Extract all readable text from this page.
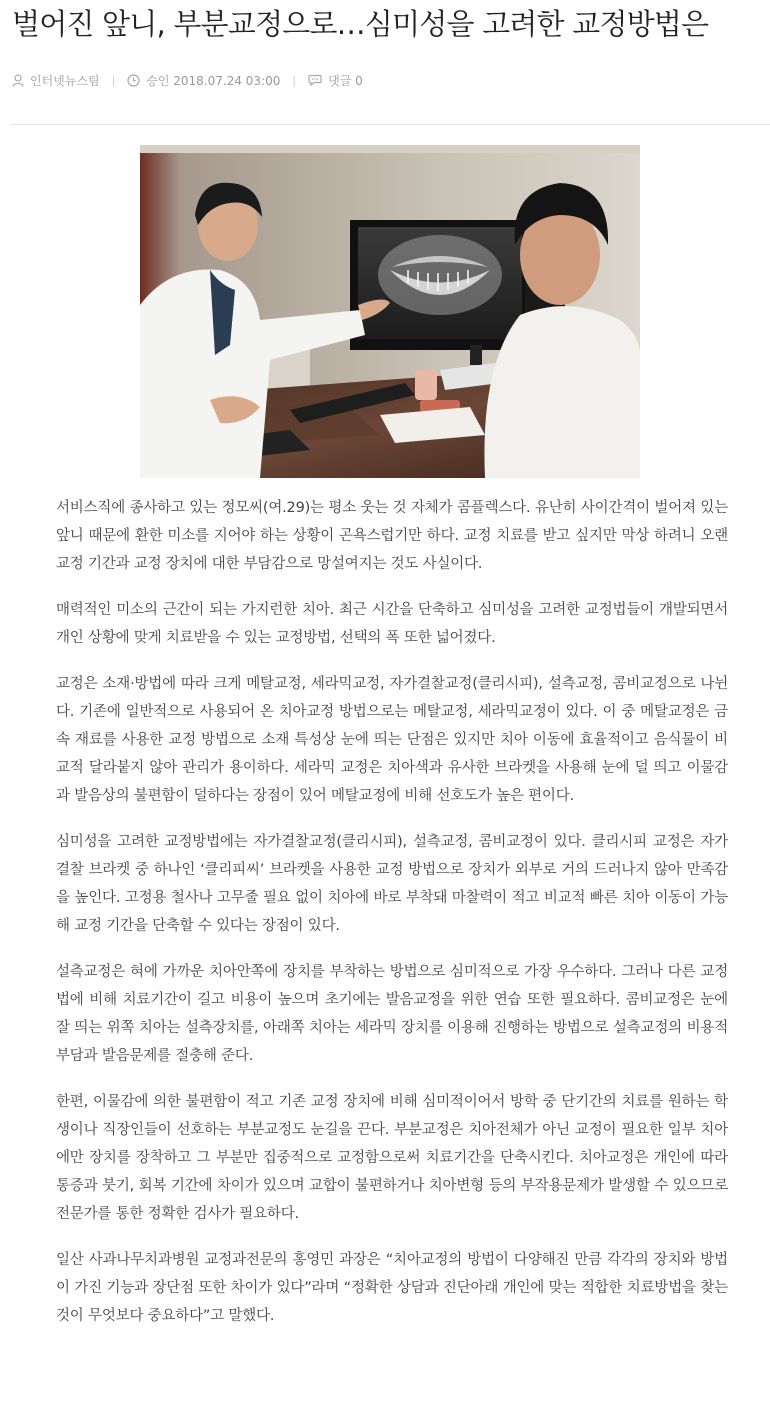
벌어진 앞니, 부분교정으로…심미성을 고려한 교정방법은
인터넷뉴스팀 |	승인 2018.07.24 03:00 |	댓글 0

서비스직에 종사하고 있는 정모씨(여.29)는 평소 웃는 것 자체가 콤플렉스다. 유난히 사이간격이 벌어져 있는 앞니 때문에 환한 미소를 지어야 하는 상황이 곤욕스럽기만 하다. 교정 치료를 받고 싶지만 막상 하려니 오랜 교정 기간과 교정 장치에 대한 부담감으로 망설여지는 것도 사실이다.

매력적인 미소의 근간이 되는 가지런한 치아. 최근 시간을 단축하고 심미성을 고려한 교정법들이 개발되면서 개인 상황에 맞게 치료받을 수 있는 교정방법, 선택의 폭 또한 넓어졌다.

교정은 소재·방법에 따라 크게 메탈교정, 세라믹교정, 자가결찰교정(클리시피), 설측교정, 콤비교정으로 나뉜다. 기존에 일반적으로 사용되어 온 치아교정 방법으로는 메탈교정, 세라믹교정이 있다. 이 중 메탈교정은 금속 재료를 사용한 교정 방법으로 소재 특성상 눈에 띄는 단점은 있지만 치아 이동에 효율적이고 음식물이 비교적 달라붙지 않아 관리가 용이하다. 세라믹 교정은 치아색과 유사한 브라켓을 사용해 눈에 덜 띄고 이물감과 발음상의 불편함이 덜하다는 장점이 있어 메탈교정에 비해 선호도가 높은 편이다.

심미성을 고려한 교정방법에는 자가결찰교정(클리시피), 설측교정, 콤비교정이 있다. 클리시피 교정은 자가 결찰 브라켓 중 하나인 ‘클리피씨’ 브라켓을 사용한 교정 방법으로 장치가 외부로 거의 드러나지 않아 만족감을 높인다. 고정용 철사나 고무줄 필요 없이 치아에 바로 부착돼 마찰력이 적고 비교적 빠른 치아 이동이 가능해 교정 기간을 단축할 수 있다는 장점이 있다.

설측교정은 혀에 가까운 치아안쪽에 장치를 부착하는 방법으로 심미적으로 가장 우수하다. 그러나 다른 교정법에 비해 치료기간이 길고 비용이 높으며 초기에는 발음교정을 위한 연습 또한 필요하다. 콤비교정은 눈에 잘 띄는 위쪽 치아는 설측장치를, 아래쪽 치아는 세라믹 장치를 이용해 진행하는 방법으로 설측교정의 비용적 부담과 발음문제를 절충해 준다.

한편, 이물감에 의한 불편함이 적고 기존 교정 장치에 비해 심미적이어서 방학 중 단기간의 치료를 원하는 학생이나 직장인들이 선호하는 부분교정도 눈길을 끈다. 부분교정은 치아전체가 아닌 교정이 필요한 일부 치아에만 장치를 장착하고 그 부분만 집중적으로 교정함으로써 치료기간을 단축시킨다. 치아교정은 개인에 따라 통증과 붓기, 회복 기간에 차이가 있으며 교합이 불편하거나 치아변형 등의 부작용문제가 발생할 수 있으므로 전문가를 통한 정확한 검사가 필요하다.

일산 사과나무치과병원 교정과전문의 홍영민 과장은 “치아교정의 방법이 다양해진 만큼 각각의 장치와 방법이 가진 기능과 장단점 또한 차이가 있다”라며 “정확한 상담과 진단아래 개인에 맞는 적합한 치료방법을 찾는 것이 무엇보다 중요하다”고 말했다.
